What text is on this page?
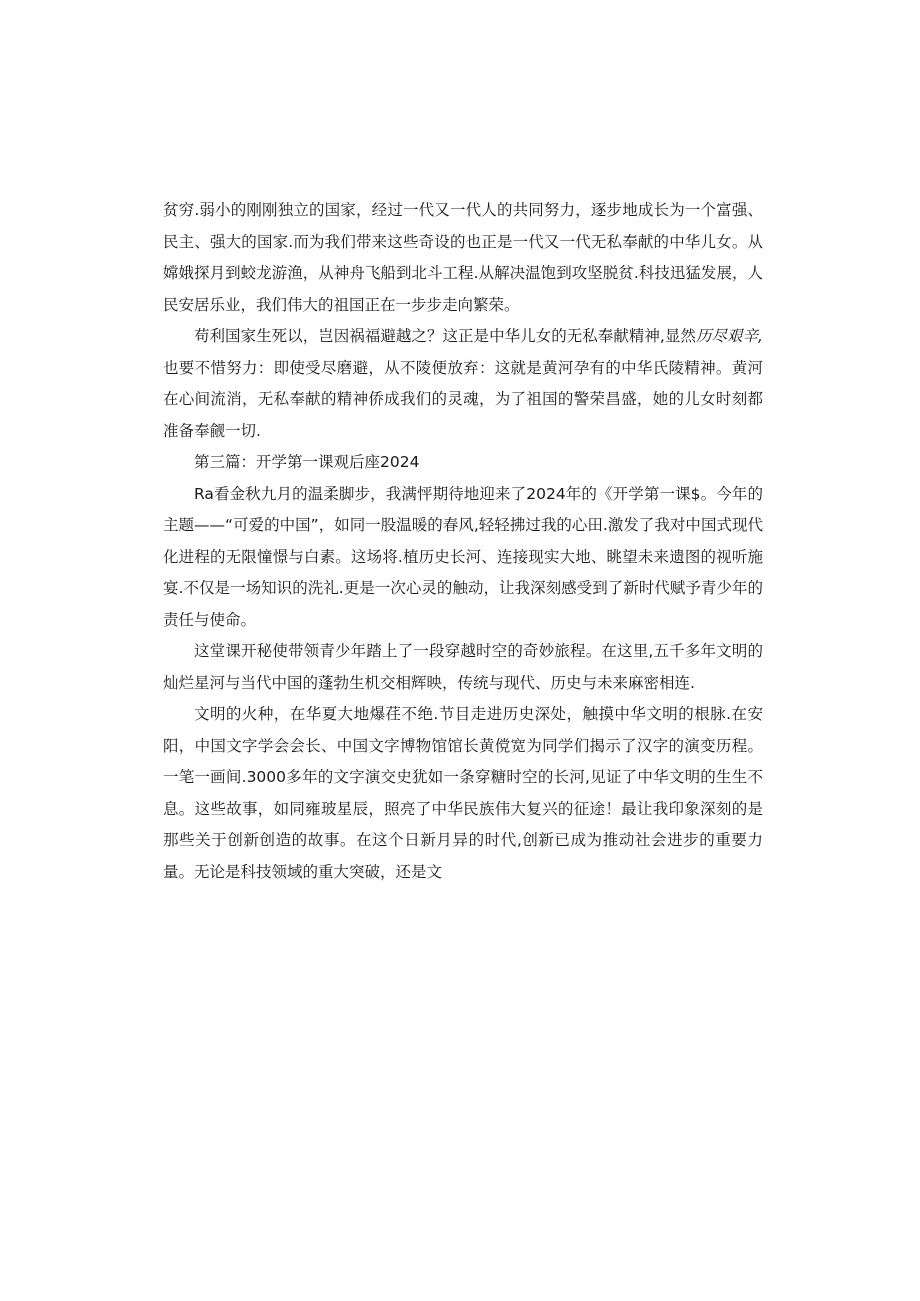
贫穷.弱小的刚刚独立的国家，经过一代又一代人的共同努力，逐步地成长为一个富强、民主、强大的国家.而为我们带来这些奇设的也正是一代又一代无私奉献的中华儿女。从嫦娥探月到蛟龙游渔，从神舟飞船到北斗工程.从解决温饱到攻坚脱贫.科技迅猛发展，人民安居乐业，我们伟大的祖国正在一步步走向繁荣。

苟利国家生死以，岂因祸福避越之？这正是中华儿女的无私奉献精神,显然历尽艰辛,也要不惜努力：即使受尽磨避，从不陵便放弃：这就是黄河孕有的中华氏陵精神。黄河在心间流消，无私奉献的精神侨成我们的灵魂，为了祖国的警荣昌盛，她的儿女时刻都准备奉觎一切.

第三篇：开学第一课观后座2024

Ra看金秋九月的温柔脚步，我满怦期待地迎来了2024年的《开学第一课$。今年的主题——“可爱的中国”，如同一股温暖的春风,轻轻拂过我的心田.激发了我对中国式现代化进程的无限憧憬与白素。这场将.植历史长河、连接现实大地、眺望未来遗图的视听施宴.不仅是一场知识的洗礼.更是一次心灵的触动，让我深刻感受到了新时代赋予青少年的责任与使命。

这堂课开秘使带领青少年踏上了一段穿越时空的奇妙旅程。在这里,五千多年文明的灿烂星河与当代中国的蓬勃生机交相辉映，传统与现代、历史与未来麻密相连.

文明的火种，在华夏大地爆荏不绝.节目走进历史深处，触摸中华文明的根脉.在安阳，中国文字学会会长、中国文字博物馆馆长黄傥宽为同学们揭示了汉字的演变历程。一笔一画间.3000多年的文字演交史犹如一条穿糖时空的长河,见证了中华文明的生生不息。这些故事，如同雍玻星辰，照亮了中华民族伟大复兴的征途！最让我印象深刻的是那些关于创新创造的故事。在这个日新月异的时代,创新已成为推动社会进步的重要力量。无论是科技领域的重大突破，还是文
